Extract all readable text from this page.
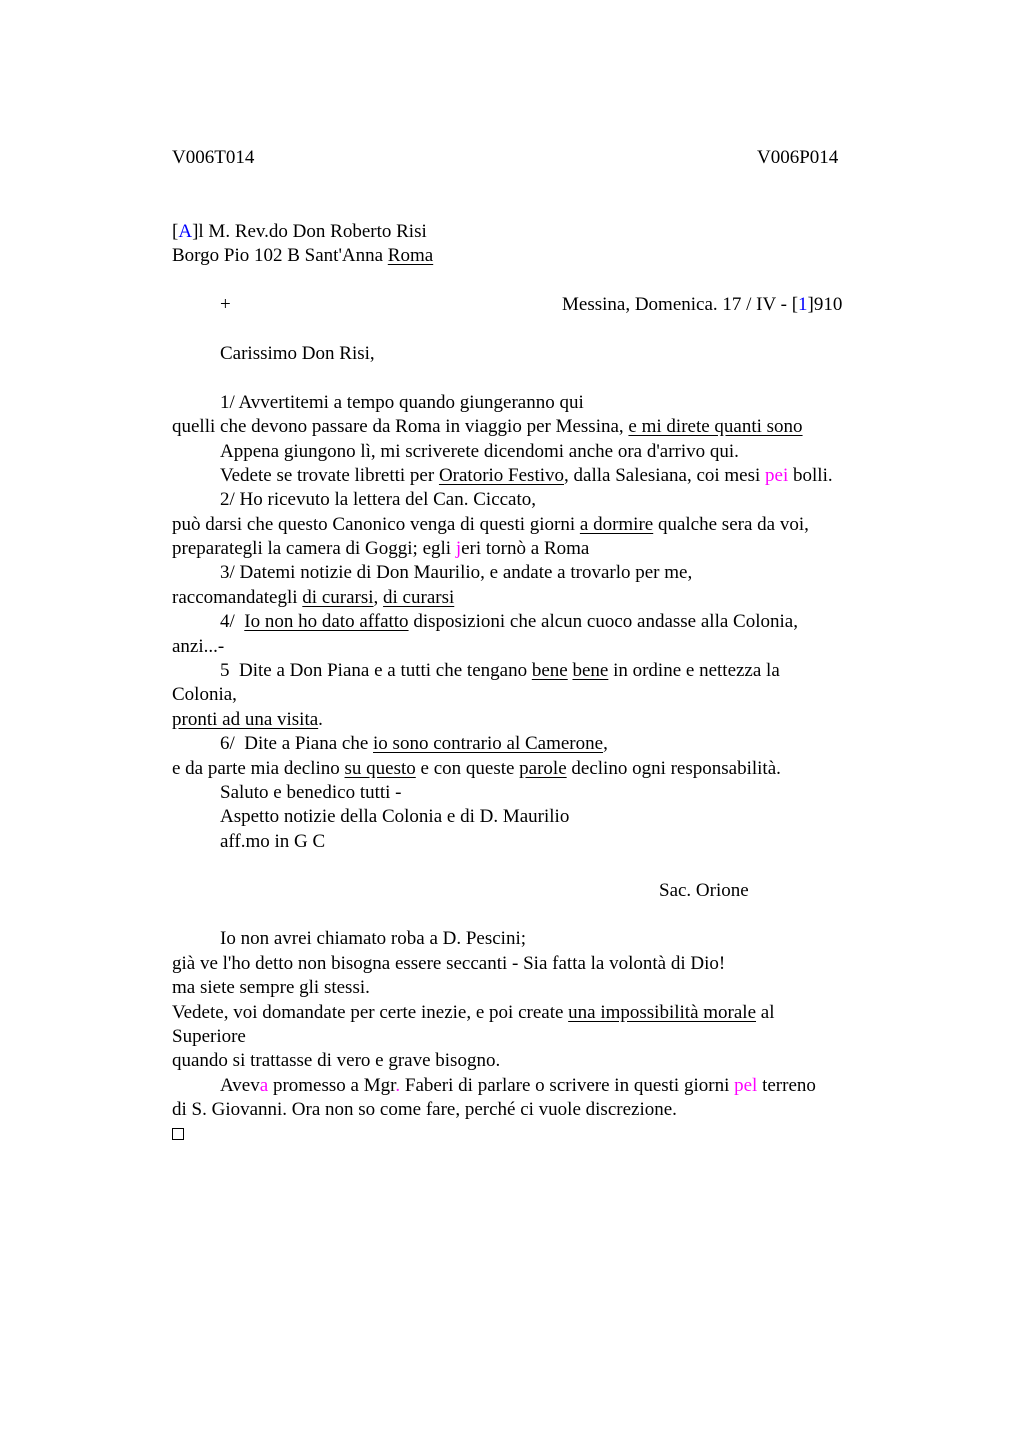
V006T014	V006P014
[A]l M. Rev.do Don Roberto Risi
Borgo Pio 102 B Sant'Anna Roma
+	Messina, Domenica. 17 / IV - [1]910
Carissimo Don Risi,
1/ Avvertitemi a tempo quando giungeranno qui
quelli che devono passare da Roma in viaggio per Messina, e mi direte quanti sono
Appena giungono lì, mi scriverete dicendomi anche ora d'arrivo qui.
Vedete se trovate libretti per Oratorio Festivo, dalla Salesiana, coi mesi pei bolli.
2/ Ho ricevuto la lettera del Can. Ciccato,
può darsi che questo Canonico venga di questi giorni a dormire qualche sera da voi,
preparategli la camera di Goggi; egli jeri tornò a Roma
3/ Datemi notizie di Don Maurilio, e andate a trovarlo per me,
raccomandategli di curarsi, di curarsi
4/  Io non ho dato affatto disposizioni che alcun cuoco andasse alla Colonia,
anzi...-
5  Dite a Don Piana e a tutti che tengano bene bene in ordine e nettezza la
Colonia,
pronti ad una visita.
6/  Dite a Piana che io sono contrario al Camerone,
e da parte mia declino su questo e con queste parole declino ogni responsabilità.
Saluto e benedico tutti -
Aspetto notizie della Colonia e di D. Maurilio
aff.mo in G C
Sac. Orione
Io non avrei chiamato roba a D. Pescini;
già ve l'ho detto non bisogna essere seccanti - Sia fatta la volontà di Dio!
ma siete sempre gli stessi.
Vedete, voi domandate per certe inezie, e poi create una impossibilità morale al
Superiore
quando si trattasse di vero e grave bisogno.
Aveva promesso a Mgr. Faberi di parlare o scrivere in questi giorni pel terreno
di S. Giovanni. Ora non so come fare, perché ci vuole discrezione.
